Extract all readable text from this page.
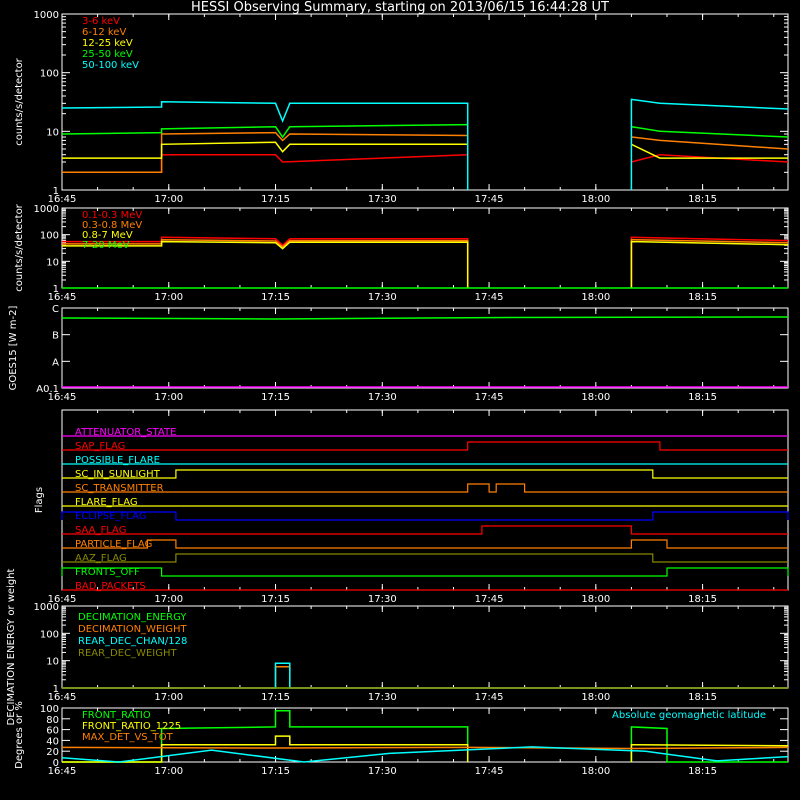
HESSI Observing Summary, starting on 2013/06/15 16:44:28 UT
16:45	17:00	17:15	17:30	17:45	18:00	18:15
1
10
100
1000
3-6 keV
6-12 keV
12-25 keV
25-50 keV
50-100 keV
counts/s/detector
16:45	17:00	17:15	17:30	17:45	18:00	18:15
1
10
100
1000
0.1-0.3 MeV
0.3-0.8 MeV
0.8-7 MeV
7-20 MeV
counts/s/detector
16:45	17:00	17:15	17:30	17:45	18:00	18:15
A0.1
A
B
C
GOES15 [W m-2]
16:45	17:00	17:15	17:30	17:45	18:00	18:15
ATTENUATOR_STATE
SAP_FLAG
POSSIBLE_FLARE
SC_IN_SUNLIGHT
SC_TRANSMITTER
FLARE_FLAG
ECLIPSE_FLAG
SAA_FLAG
PARTICLE_FLAG
AAZ_FLAG
FRONTS_OFF
BAD_PACKETS
Flags
16:45	17:00	17:15	17:30	17:45	18:00	18:15
1
10
100
1000
DECIMATION_ENERGY
DECIMATION_WEIGHT
REAR_DEC_CHAN/128
REAR_DEC_WEIGHT
DECIMATION ENERGY or weight
16:45	17:00	17:15	17:30	17:45	18:00	18:15
0
20
40
60
80
100
FRONT_RATIO
FRONT_RATIO_1225
MAX_DET_VS_TOT
Absolute geomagnetic latitude
Degrees or %
